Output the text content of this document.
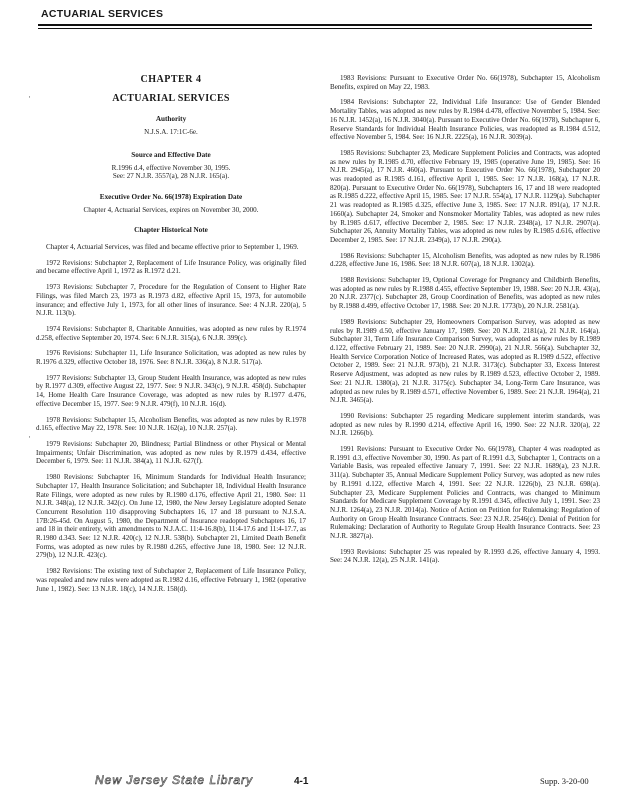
ACTUARIAL SERVICES
·
·
CHAPTER 4
ACTUARIAL SERVICES
Authority
N.J.S.A. 17:1C-6e.
Source and Effective Date
R.1996 d.4, effective November 30, 1995.
See: 27 N.J.R. 3557(a), 28 N.J.R. 165(a).
Executive Order No. 66(1978) Expiration Date
Chapter 4, Actuarial Services, expires on November 30, 2000.
Chapter Historical Note

Chapter 4, Actuarial Services, was filed and became effective prior to September 1, 1969.

1972 Revisions: Subchapter 2, Replacement of Life Insurance Policy, was originally filed and became effective April 1, 1972 as R.1972 d.21.

1973 Revisions: Subchapter 7, Procedure for the Regulation of Consent to Higher Rate Filings, was filed March 23, 1973 as R.1973 d.82, effective April 15, 1973, for automobile insurance; and effective July 1, 1973, for all other lines of insurance. See: 4 N.J.R. 220(a), 5 N.J.R. 113(b).

1974 Revisions: Subchapter 8, Charitable Annuities, was adopted as new rules by R.1974 d.258, effective September 20, 1974. See: 6 N.J.R. 315(a), 6 N.J.R. 399(c).

1976 Revisions: Subchapter 11, Life Insurance Solicitation, was adopted as new rules by R.1976 d.329, effective October 18, 1976. See: 8 N.J.R. 336(a), 8 N.J.R. 517(a).

1977 Revisions: Subchapter 13, Group Student Health Insurance, was adopted as new rules by R.1977 d.309, effective August 22, 1977. See: 9 N.J.R. 343(c), 9 N.J.R. 458(d). Subchapter 14, Home Health Care Insurance Coverage, was adopted as new rules by R.1977 d.476, effective December 15, 1977. See: 9 N.J.R. 479(f), 10 N.J.R. 16(d).

1978 Revisions: Subchapter 15, Alcoholism Benefits, was adopted as new rules by R.1978 d.165, effective May 22, 1978. See: 10 N.J.R. 162(a), 10 N.J.R. 257(a).

1979 Revisions: Subchapter 20, Blindness; Partial Blindness or other Physical or Mental Impairments; Unfair Discrimination, was adopted as new rules by R.1979 d.434, effective December 6, 1979. See: 11 N.J.R. 384(a), 11 N.J.R. 627(f).

1980 Revisions: Subchapter 16, Minimum Standards for Individual Health Insurance; Subchapter 17, Health Insurance Solicitation; and Subchapter 18, Individual Health Insurance Rate Filings, were adopted as new rules by R.1980 d.176, effective April 21, 1980. See: 11 N.J.R. 348(a), 12 N.J.R. 342(c). On June 12, 1980, the New Jersey Legislature adopted Senate Concurrent Resolution 110 disapproving Subchapters 16, 17 and 18 pursuant to N.J.S.A. 17B:26-45d. On August 5, 1980, the Department of Insurance readopted Subchapters 16, 17 and 18 in their entirety, with amendments to N.J.A.C. 11:4-16.8(b), 11:4-17.6 and 11:4-17.7, as R.1980 d.343. See: 12 N.J.R. 420(c), 12 N.J.R. 538(b). Subchapter 21, Limited Death Benefit Forms, was adopted as new rules by R.1980 d.265, effective June 18, 1980. See: 12 N.J.R. 279(b), 12 N.J.R. 423(c).

1982 Revisions: The existing text of Subchapter 2, Replacement of Life Insurance Policy, was repealed and new rules were adopted as R.1982 d.16, effective February 1, 1982 (operative June 1, 1982). See: 13 N.J.R. 18(c), 14 N.J.R. 158(d).

1983 Revisions: Pursuant to Executive Order No. 66(1978), Subchapter 15, Alcoholism Benefits, expired on May 22, 1983.

1984 Revisions: Subchapter 22, Individual Life Insurance: Use of Gender Blended Mortality Tables, was adopted as new rules by R.1984 d.478, effective November 5, 1984. See: 16 N.J.R. 1452(a), 16 N.J.R. 3040(a). Pursuant to Executive Order No. 66(1978), Subchapter 6, Reserve Standards for Individual Health Insurance Policies, was readopted as R.1984 d.512, effective November 5, 1984. See: 16 N.J.R. 2225(a), 16 N.J.R. 3039(a).

1985 Revisions: Subchapter 23, Medicare Supplement Policies and Contracts, was adopted as new rules by R.1985 d.70, effective February 19, 1985 (operative June 19, 1985). See: 16 N.J.R. 2945(a), 17 N.J.R. 460(a). Pursuant to Executive Order No. 66(1978), Subchapter 20 was readopted as R.1985 d.161, effective April 1, 1985. See: 17 N.J.R. 168(a), 17 N.J.R. 820(a). Pursuant to Executive Order No. 66(1978), Subchapters 16, 17 and 18 were readopted as R.1985 d.222, effective April 15, 1985. See: 17 N.J.R. 554(a), 17 N.J.R. 1129(a). Subchapter 21 was readopted as R.1985 d.325, effective June 3, 1985. See: 17 N.J.R. 891(a), 17 N.J.R. 1660(a). Subchapter 24, Smoker and Nonsmoker Mortality Tables, was adopted as new rules by R.1985 d.617, effective December 2, 1985. See: 17 N.J.R. 2348(a), 17 N.J.R. 2907(a). Subchapter 26, Annuity Mortality Tables, was adopted as new rules by R.1985 d.616, effective December 2, 1985. See: 17 N.J.R. 2349(a), 17 N.J.R. 290(a).

1986 Revisions: Subchapter 15, Alcoholism Benefits, was adopted as new rules by R.1986 d.228, effective June 16, 1986. See: 18 N.J.R. 607(a), 18 N.J.R. 1302(a).

1988 Revisions: Subchapter 19, Optional Coverage for Pregnancy and Childbirth Benefits, was adopted as new rules by R.1988 d.455, effective September 19, 1988. See: 20 N.J.R. 43(a), 20 N.J.R. 2377(c). Subchapter 28, Group Coordination of Benefits, was adopted as new rules by R.1988 d.499, effective October 17, 1988. See: 20 N.J.R. 1773(b), 20 N.J.R. 2581(a).

1989 Revisions: Subchapter 29, Homeowners Comparison Survey, was adopted as new rules by R.1989 d.50, effective January 17, 1989. See: 20 N.J.R. 2181(a), 21 N.J.R. 164(a). Subchapter 31, Term Life Insurance Comparison Survey, was adopted as new rules by R.1989 d.122, effective February 21, 1989. See: 20 N.J.R. 2990(a), 21 N.J.R. 566(a). Subchapter 32, Health Service Corporation Notice of Increased Rates, was adopted as R.1989 d.522, effective October 2, 1989. See: 21 N.J.R. 973(b), 21 N.J.R. 3173(c). Subchapter 33, Excess Interest Reserve Adjustment, was adopted as new rules by R.1989 d.523, effective October 2, 1989. See: 21 N.J.R. 1380(a), 21 N.J.R. 3175(c). Subchapter 34, Long-Term Care Insurance, was adopted as new rules by R.1989 d.571, effective November 6, 1989. See: 21 N.J.R. 1964(a), 21 N.J.R. 3465(a).

1990 Revisions: Subchapter 25 regarding Medicare supplement interim standards, was adopted as new rules by R.1990 d.214, effective April 16, 1990. See: 22 N.J.R. 320(a), 22 N.J.R. 1266(b).

1991 Revisions: Pursuant to Executive Order No. 66(1978), Chapter 4 was readopted as R.1991 d.3, effective November 30, 1990. As part of R.1991 d.3, Subchapter 1, Contracts on a Variable Basis, was repealed effective January 7, 1991. See: 22 N.J.R. 1689(a), 23 N.J.R. 311(a). Subchapter 35, Annual Medicare Supplement Policy Survey, was adopted as new rules by R.1991 d.122, effective March 4, 1991. See: 22 N.J.R. 1226(b), 23 N.J.R. 698(a). Subchapter 23, Medicare Supplement Policies and Contracts, was changed to Minimum Standards for Medicare Supplement Coverage by R.1991 d.345, effective July 1, 1991. See: 23 N.J.R. 1264(a), 23 N.J.R. 2014(a). Notice of Action on Petition for Rulemaking: Regulation of Authority on Group Health Insurance Contracts. See: 23 N.J.R. 2546(c). Denial of Petition for Rulemaking: Declaration of Authority to Regulate Group Health Insurance Contracts. See: 23 N.J.R. 3827(a).

1993 Revisions: Subchapter 25 was repealed by R.1993 d.26, effective January 4, 1993. See: 24 N.J.R. 12(a), 25 N.J.R. 141(a).

New Jersey State Library	4-1	Supp. 3-20-00
